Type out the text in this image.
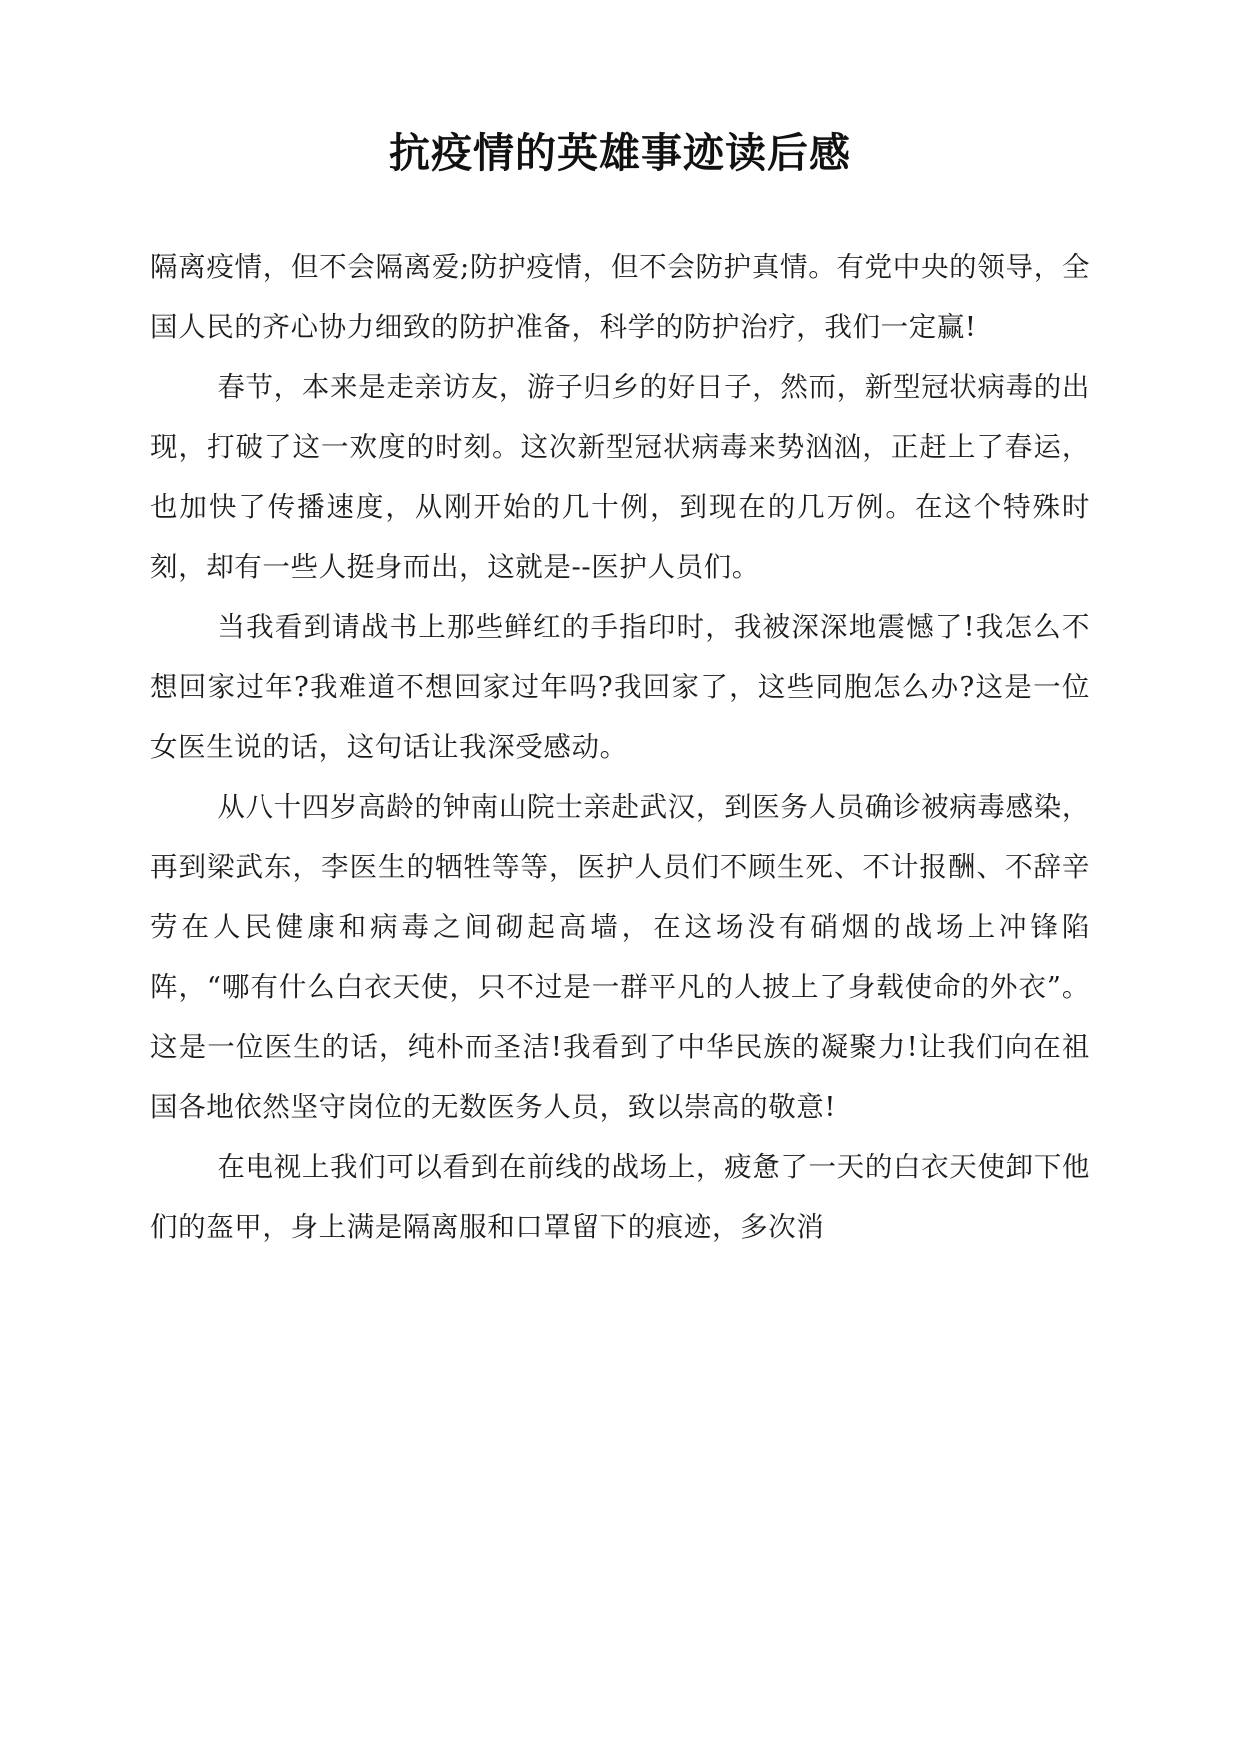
抗疫情的英雄事迹读后感

隔离疫情，但不会隔离爱;防护疫情，但不会防护真情。有党中央的领导，全国人民的齐心协力细致的防护准备，科学的防护治疗，我们一定赢!

春节，本来是走亲访友，游子归乡的好日子，然而，新型冠状病毒的出现，打破了这一欢度的时刻。这次新型冠状病毒来势汹汹，正赶上了春运，也加快了传播速度，从刚开始的几十例，到现在的几万例。在这个特殊时刻，却有一些人挺身而出，这就是--医护人员们。

当我看到请战书上那些鲜红的手指印时，我被深深地震憾了!我怎么不想回家过年?我难道不想回家过年吗?我回家了，这些同胞怎么办?这是一位女医生说的话，这句话让我深受感动。

从八十四岁高龄的钟南山院士亲赴武汉，到医务人员确诊被病毒感染，再到梁武东，李医生的牺牲等等，医护人员们不顾生死、不计报酬、不辞辛劳在人民健康和病毒之间砌起高墙，在这场没有硝烟的战场上冲锋陷阵，“哪有什么白衣天使，只不过是一群平凡的人披上了身载使命的外衣”。这是一位医生的话，纯朴而圣洁!我看到了中华民族的凝聚力!让我们向在祖国各地依然坚守岗位的无数医务人员，致以崇高的敬意!

在电视上我们可以看到在前线的战场上，疲惫了一天的白衣天使卸下他们的盔甲，身上满是隔离服和口罩留下的痕迹，多次消
